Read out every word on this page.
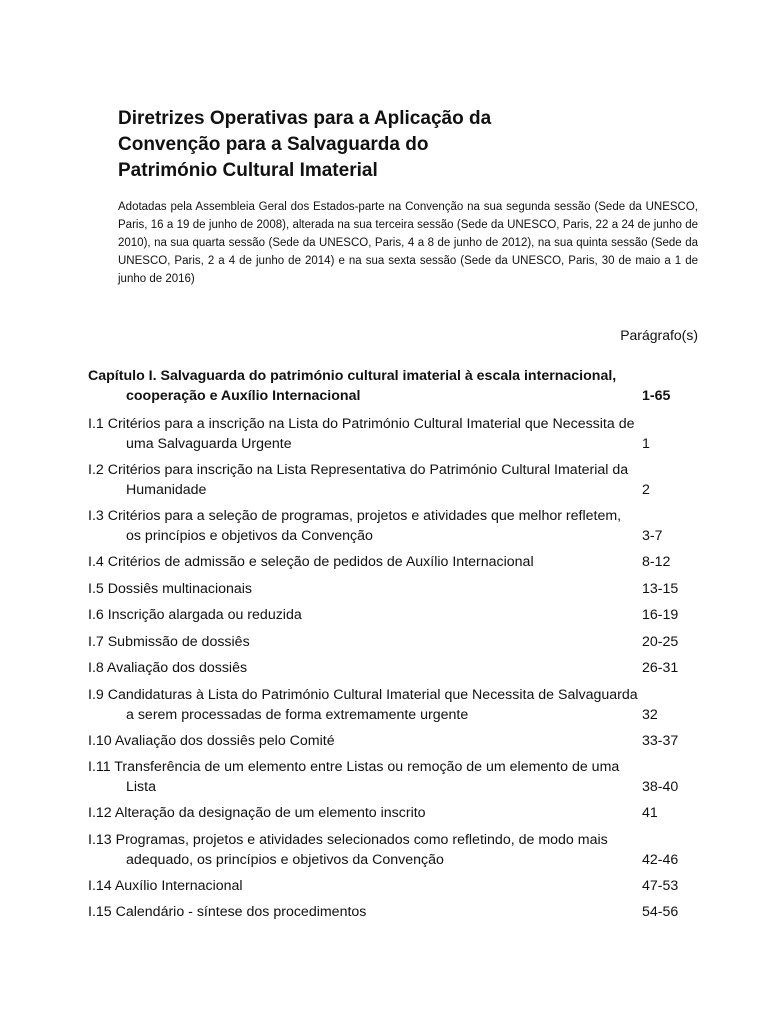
Diretrizes Operativas para a Aplicação da
Convenção para a Salvaguarda do
Património Cultural Imaterial

Adotadas pela Assembleia Geral dos Estados-parte na Convenção na sua segunda sessão (Sede da UNESCO, Paris, 16 a 19 de junho de 2008), alterada na sua terceira sessão (Sede da UNESCO, Paris, 22 a 24 de junho de 2010), na sua quarta sessão (Sede da UNESCO, Paris, 4 a 8 de junho de 2012), na sua quinta sessão (Sede da UNESCO, Paris, 2 a 4 de junho de 2014) e na sua sexta sessão (Sede da UNESCO, Paris, 30 de maio a 1 de junho de 2016)

Parágrafo(s)

Capítulo I. Salvaguarda do património cultural imaterial à escala internacional, cooperação e Auxílio Internacional	1-65
I.1 Critérios para a inscrição na Lista do Património Cultural Imaterial que Necessita de uma Salvaguarda Urgente	1
I.2 Critérios para inscrição na Lista Representativa do Património Cultural Imaterial da Humanidade	2
I.3 Critérios para a seleção de programas, projetos e atividades que melhor refletem, os princípios e objetivos da Convenção	3-7
I.4 Critérios de admissão e seleção de pedidos de Auxílio Internacional	8-12
I.5 Dossiês multinacionais	13-15
I.6 Inscrição alargada ou reduzida	16-19
I.7 Submissão de dossiês	20-25
I.8 Avaliação dos dossiês	26-31
I.9 Candidaturas à Lista do Património Cultural Imaterial que Necessita de Salvaguarda a serem processadas de forma extremamente urgente	32
I.10 Avaliação dos dossiês pelo Comité	33-37
I.11 Transferência de um elemento entre Listas ou remoção de um elemento de uma Lista	38-40
I.12 Alteração da designação de um elemento inscrito	41
I.13 Programas, projetos e atividades selecionados como refletindo, de modo mais adequado, os princípios e objetivos da Convenção	42-46
I.14 Auxílio Internacional	47-53
I.15 Calendário - síntese dos procedimentos	54-56
